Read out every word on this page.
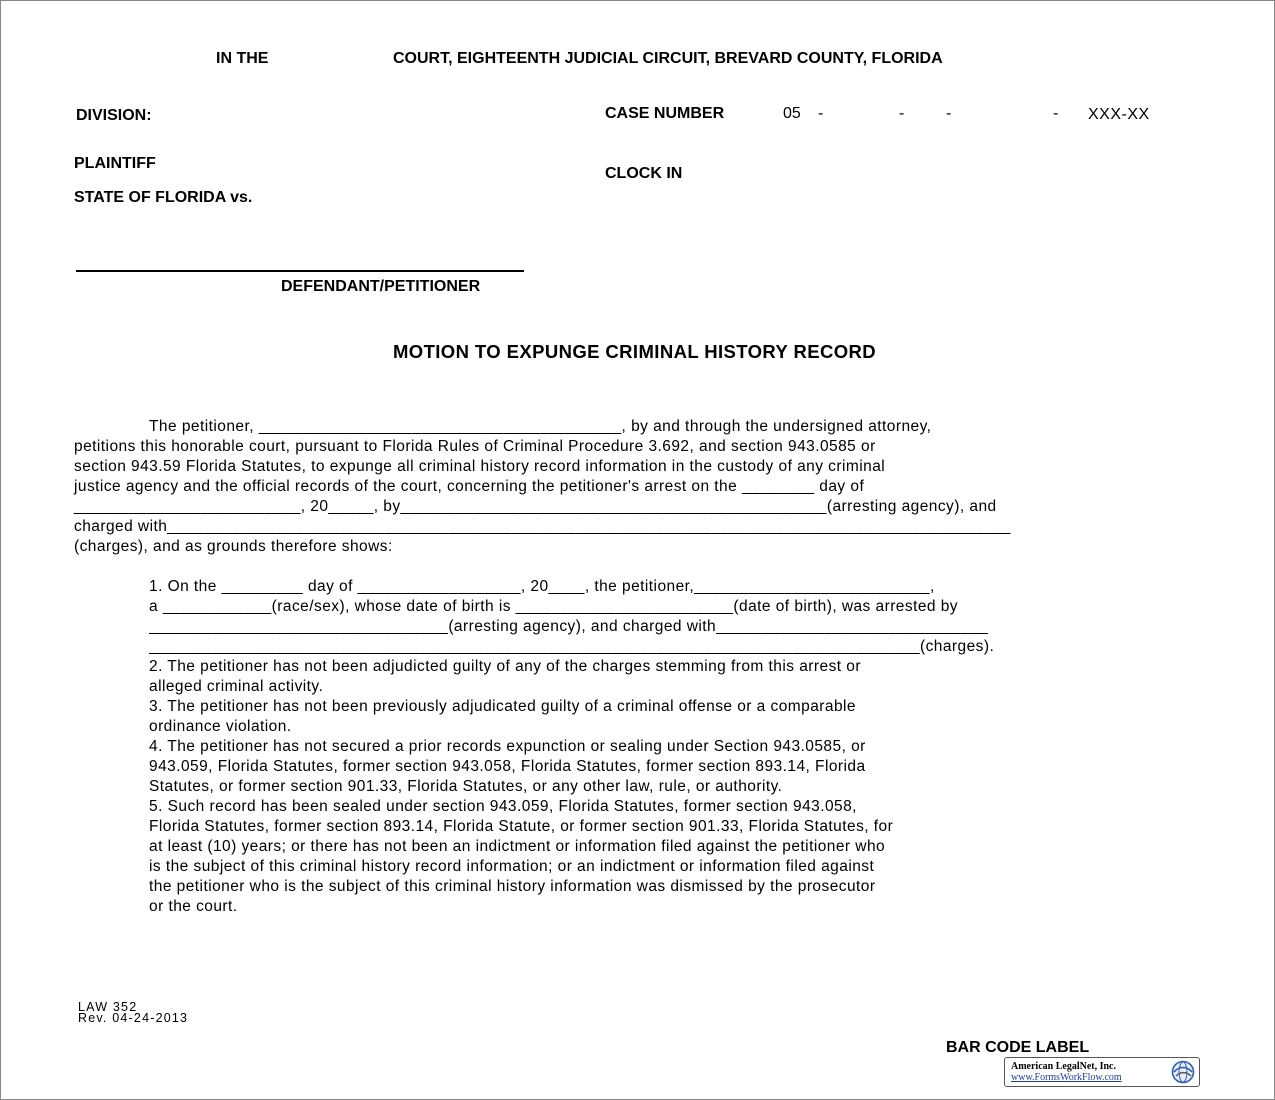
IN THE	COURT, EIGHTEENTH JUDICIAL CIRCUIT, BREVARD COUNTY, FLORIDA
DIVISION:	CASE NUMBER	05 -	-	-	- XXX-XX
PLAINTIFF
CLOCK IN
STATE OF FLORIDA vs.
DEFENDANT/PETITIONER
MOTION TO EXPUNGE CRIMINAL HISTORY RECORD
The petitioner, ________________________________________, by and through the undersigned attorney,
petitions this honorable court, pursuant to Florida Rules of Criminal Procedure 3.692, and section 943.0585 or
section 943.59 Florida Statutes, to expunge all criminal history record information in the custody of any criminal
justice agency and the official records of the court, concerning the petitioner's arrest on the ________ day of
_________________________, 20_____, by_______________________________________________(arresting agency), and
charged with_____________________________________________________________________________________________
(charges), and as grounds therefore shows:
1. On the _________ day of __________________, 20____, the petitioner,__________________________,
a ____________(race/sex), whose date of birth is ________________________(date of birth), was arrested by
_________________________________(arresting agency), and charged with______________________________
_____________________________________________________________________________________(charges).
2. The petitioner has not been adjudicted guilty of any of the charges stemming from this arrest or
alleged criminal activity.
3. The petitioner has not been previously adjudicated guilty of a criminal offense or a comparable
ordinance violation.
4. The petitioner has not secured a prior records expunction or sealing under Section 943.0585, or
943.059, Florida Statutes, former section 943.058, Florida Statutes, former section 893.14, Florida
Statutes, or former section 901.33, Florida Statutes, or any other law, rule, or authority.
5. Such record has been sealed under section 943.059, Florida Statutes, former section 943.058,
Florida Statutes, former section 893.14, Florida Statute, or former section 901.33, Florida Statutes, for
at least (10) years; or there has not been an indictment or information filed against the petitioner who
is the subject of this criminal history record information; or an indictment or information filed against
the petitioner who is the subject of this criminal history information was dismissed by the prosecutor
or the court.
LAW 352
Rev. 04-24-2013
BAR CODE LABEL
American LegalNet, Inc.
www.FormsWorkFlow.com
